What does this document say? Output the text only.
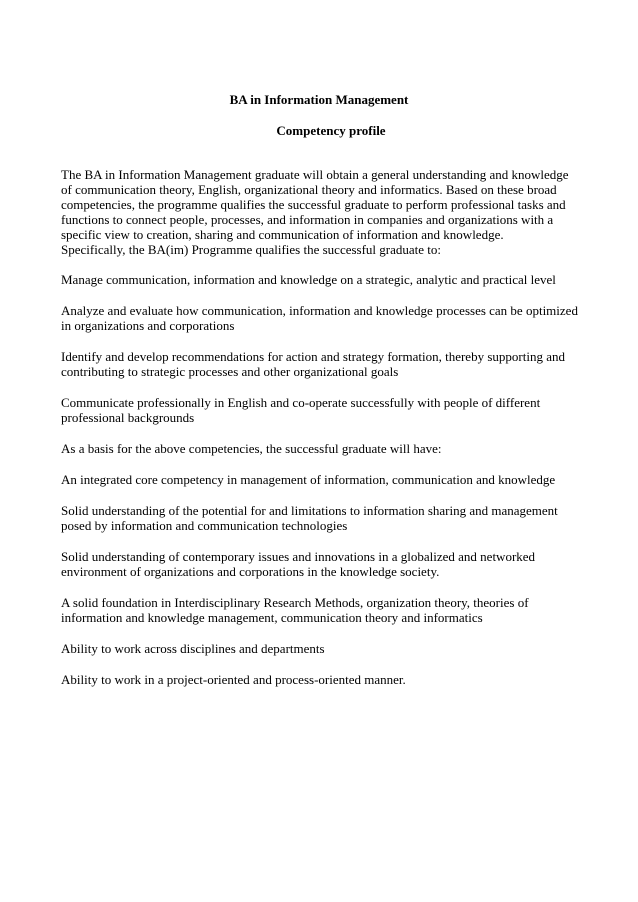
BA in Information Management
Competency profile

The BA in Information Management graduate will obtain a general understanding and knowledge
of communication theory, English, organizational theory and informatics. Based on these broad
competencies, the programme qualifies the successful graduate to perform professional tasks and
functions to connect people, processes, and information in companies and organizations with a
specific view to creation, sharing and communication of information and knowledge.
Specifically, the BA(im) Programme qualifies the successful graduate to:

Manage communication, information and knowledge on a strategic, analytic and practical level

Analyze and evaluate how communication, information and knowledge processes can be optimized
in organizations and corporations

Identify and develop recommendations for action and strategy formation, thereby supporting and
contributing to strategic processes and other organizational goals

Communicate professionally in English and co-operate successfully with people of different
professional backgrounds

As a basis for the above competencies, the successful graduate will have:

An integrated core competency in management of information, communication and knowledge

Solid understanding of the potential for and limitations to information sharing and management
posed by information and communication technologies

Solid understanding of contemporary issues and innovations in a globalized and networked
environment of organizations and corporations in the knowledge society.

A solid foundation in Interdisciplinary Research Methods, organization theory, theories of
information and knowledge management, communication theory and informatics

Ability to work across disciplines and departments

Ability to work in a project-oriented and process-oriented manner.
